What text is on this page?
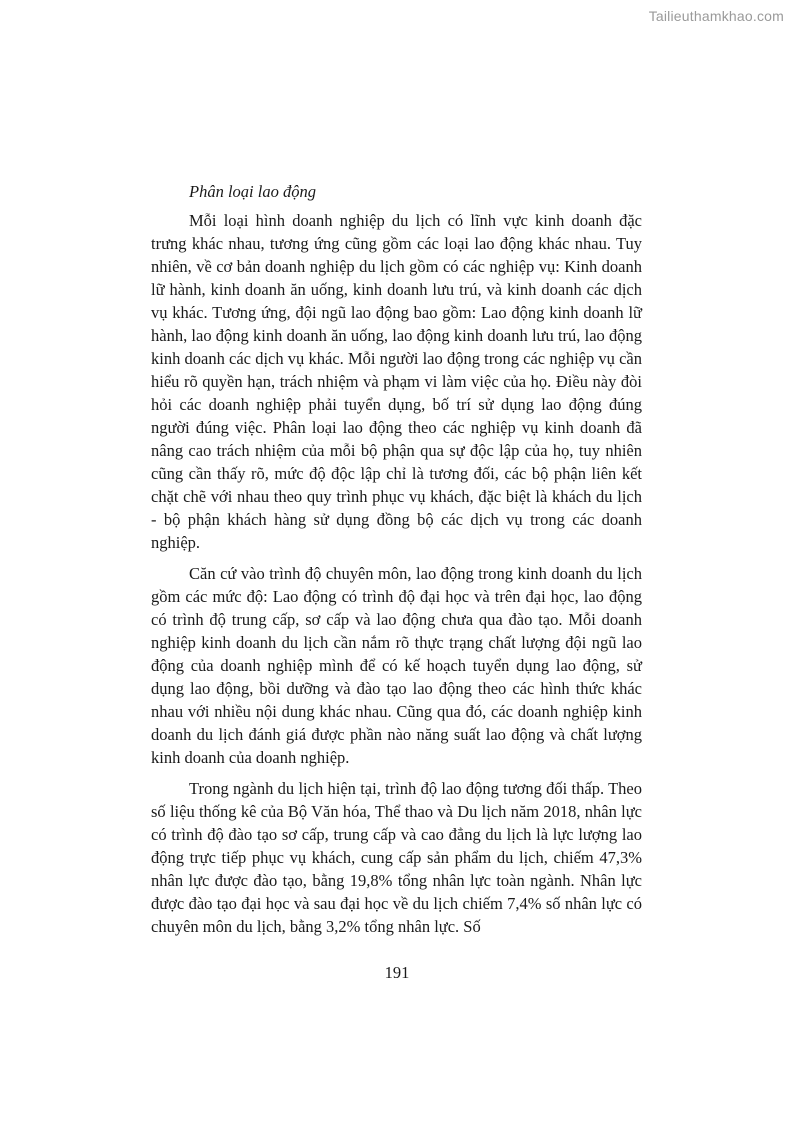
Tailieuthamkhao.com
Phân loại lao động

Mỗi loại hình doanh nghiệp du lịch có lĩnh vực kinh doanh đặc trưng khác nhau, tương ứng cũng gồm các loại lao động khác nhau. Tuy nhiên, về cơ bản doanh nghiệp du lịch gồm có các nghiệp vụ: Kinh doanh lữ hành, kinh doanh ăn uống, kinh doanh lưu trú, và kinh doanh các dịch vụ khác. Tương ứng, đội ngũ lao động bao gồm: Lao động kinh doanh lữ hành, lao động kinh doanh ăn uống, lao động kinh doanh lưu trú, lao động kinh doanh các dịch vụ khác. Mỗi người lao động trong các nghiệp vụ cần hiểu rõ quyền hạn, trách nhiệm và phạm vi làm việc của họ. Điều này đòi hỏi các doanh nghiệp phải tuyển dụng, bố trí sử dụng lao động đúng người đúng việc. Phân loại lao động theo các nghiệp vụ kinh doanh đã nâng cao trách nhiệm của mỗi bộ phận qua sự độc lập của họ, tuy nhiên cũng cần thấy rõ, mức độ độc lập chỉ là tương đối, các bộ phận liên kết chặt chẽ với nhau theo quy trình phục vụ khách, đặc biệt là khách du lịch - bộ phận khách hàng sử dụng đồng bộ các dịch vụ trong các doanh nghiệp.

Căn cứ vào trình độ chuyên môn, lao động trong kinh doanh du lịch gồm các mức độ: Lao động có trình độ đại học và trên đại học, lao động có trình độ trung cấp, sơ cấp và lao động chưa qua đào tạo. Mỗi doanh nghiệp kinh doanh du lịch cần nắm rõ thực trạng chất lượng đội ngũ lao động của doanh nghiệp mình để có kế hoạch tuyển dụng lao động, sử dụng lao động, bồi dưỡng và đào tạo lao động theo các hình thức khác nhau với nhiều nội dung khác nhau. Cũng qua đó, các doanh nghiệp kinh doanh du lịch đánh giá được phần nào năng suất lao động và chất lượng kinh doanh của doanh nghiệp.

Trong ngành du lịch hiện tại, trình độ lao động tương đối thấp. Theo số liệu thống kê của Bộ Văn hóa, Thể thao và Du lịch năm 2018, nhân lực có trình độ đào tạo sơ cấp, trung cấp và cao đẳng du lịch là lực lượng lao động trực tiếp phục vụ khách, cung cấp sản phẩm du lịch, chiếm 47,3% nhân lực được đào tạo, bằng 19,8% tổng nhân lực toàn ngành. Nhân lực được đào tạo đại học và sau đại học về du lịch chiếm 7,4% số nhân lực có chuyên môn du lịch, bằng 3,2% tổng nhân lực. Số

191
